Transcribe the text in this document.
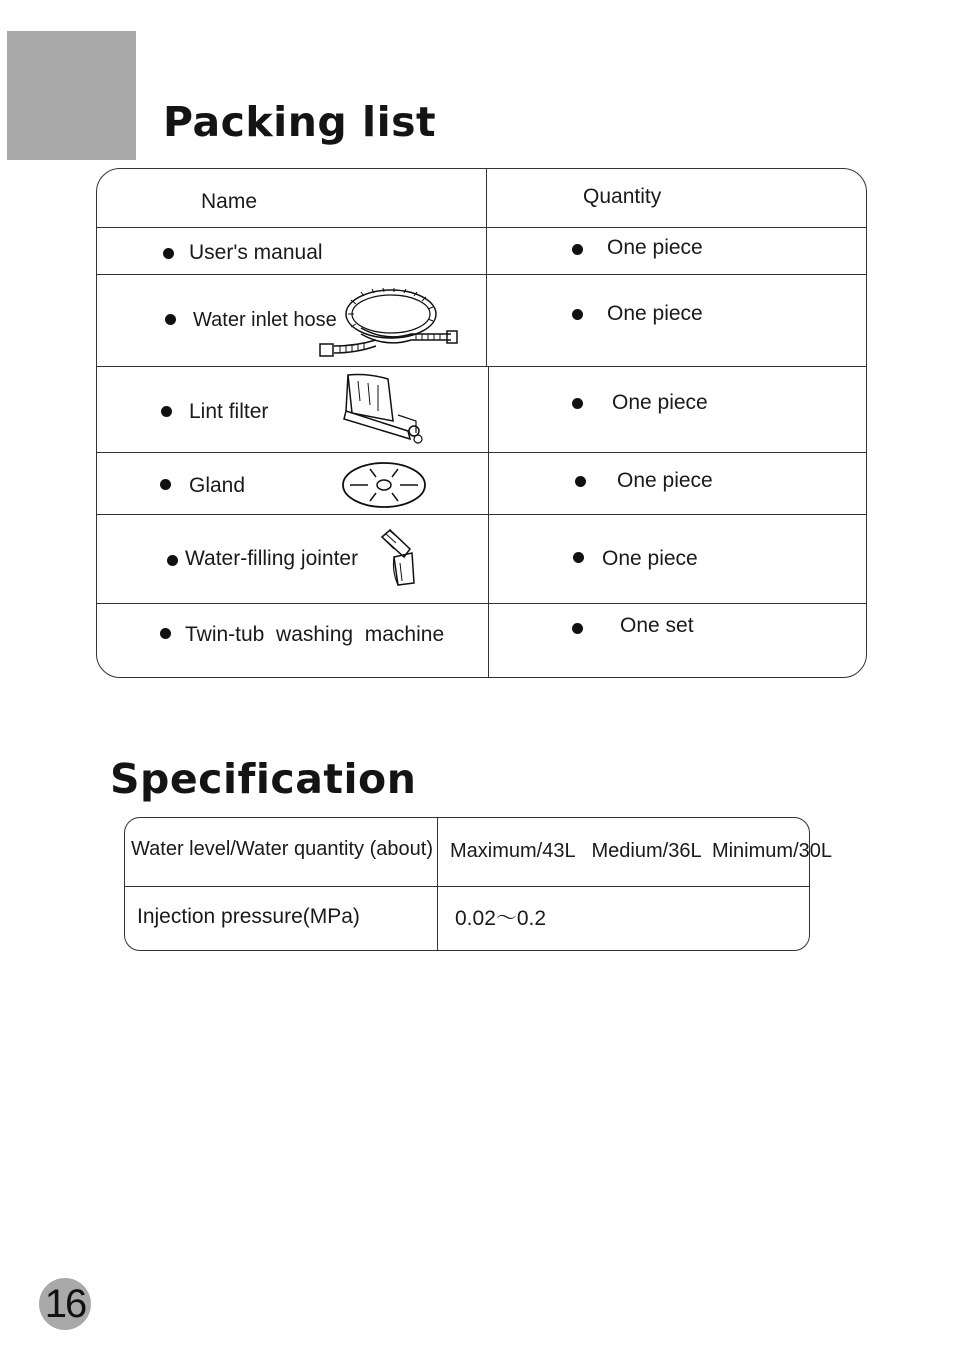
Packing list
Name	Quantity
User's manual	One piece
Water inlet hose	One piece
Lint filter	One piece
Gland	One piece
Water-filling jointer	One piece
Twin-tub  washing  machine	One set
Specification
Water level/Water quantity (about) Maximum/43L   Medium/36L  Minimum/30L
Injection pressure(MPa)	0.02～0.2
16
